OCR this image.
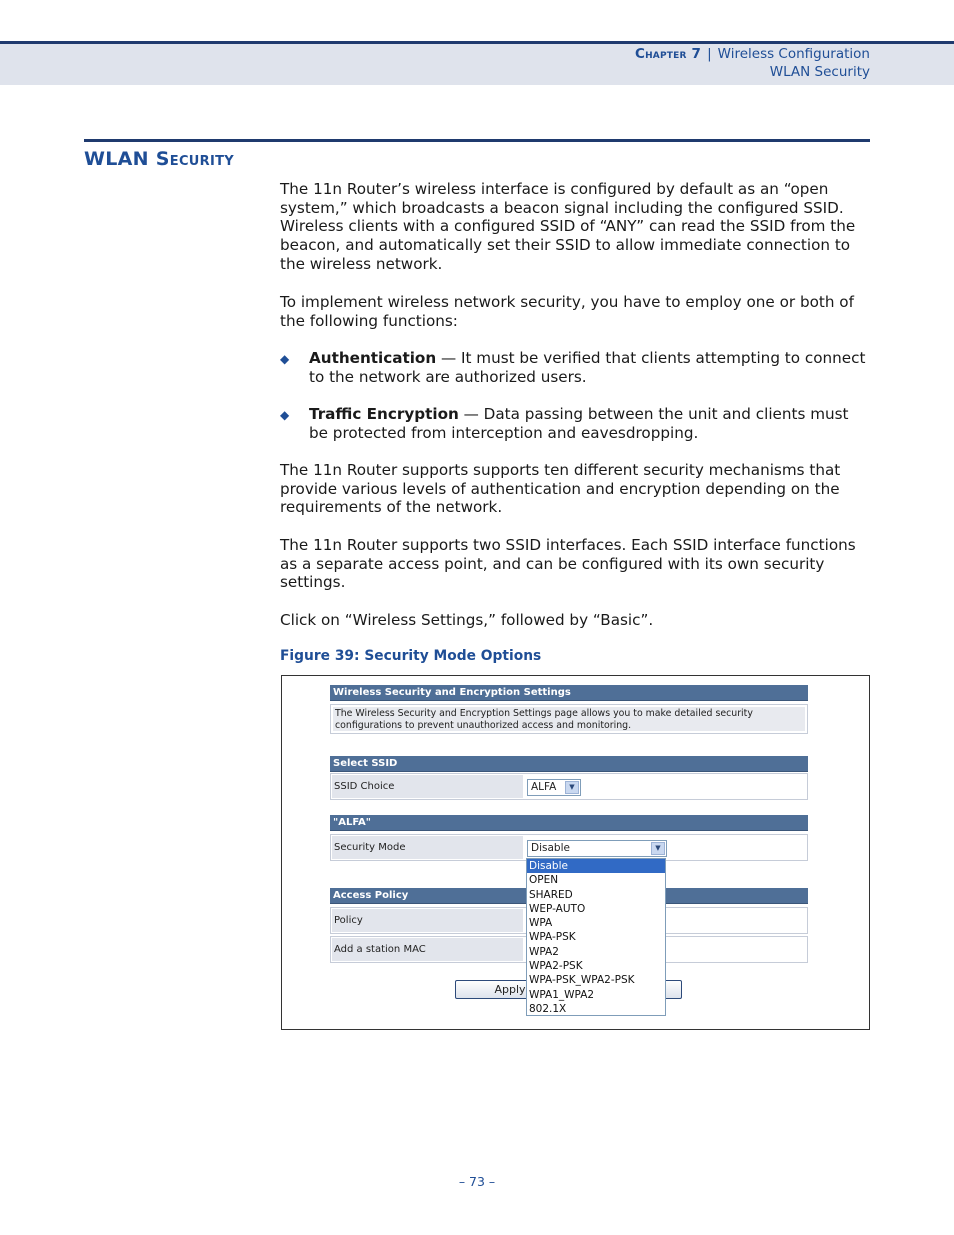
Chapter 7 | Wireless Configuration
WLAN Security
WLAN Security

The 11n Router’s wireless interface is configured by default as an “open system,” which broadcasts a beacon signal including the configured SSID. Wireless clients with a configured SSID of “ANY” can read the SSID from the beacon, and automatically set their SSID to allow immediate connection to the wireless network.

To implement wireless network security, you have to employ one or both of the following functions:

◆	Authentication — It must be verified that clients attempting to connect to the network are authorized users.
◆	Traffic Encryption — Data passing between the unit and clients must be protected from interception and eavesdropping.

The 11n Router supports supports ten different security mechanisms that provide various levels of authentication and encryption depending on the requirements of the network.

The 11n Router supports two SSID interfaces. Each SSID interface functions as a separate access point, and can be configured with its own security settings.

Click on “Wireless Settings,” followed by “Basic”.

Figure 39: Security Mode Options
Wireless Security and Encryption Settings
The Wireless Security and Encryption Settings page allows you to make detailed security configurations to prevent unauthorized access and monitoring.
Select SSID
SSID Choice	ALFA	▼
"ALFA"
Security Mode	Disable	▼
Access Policy
Policy
Add a station MAC
Apply
Disable
OPEN
SHARED
WEP-AUTO
WPA
WPA-PSK
WPA2
WPA2-PSK
WPA-PSK_WPA2-PSK
WPA1_WPA2
802.1X
– 73 –
